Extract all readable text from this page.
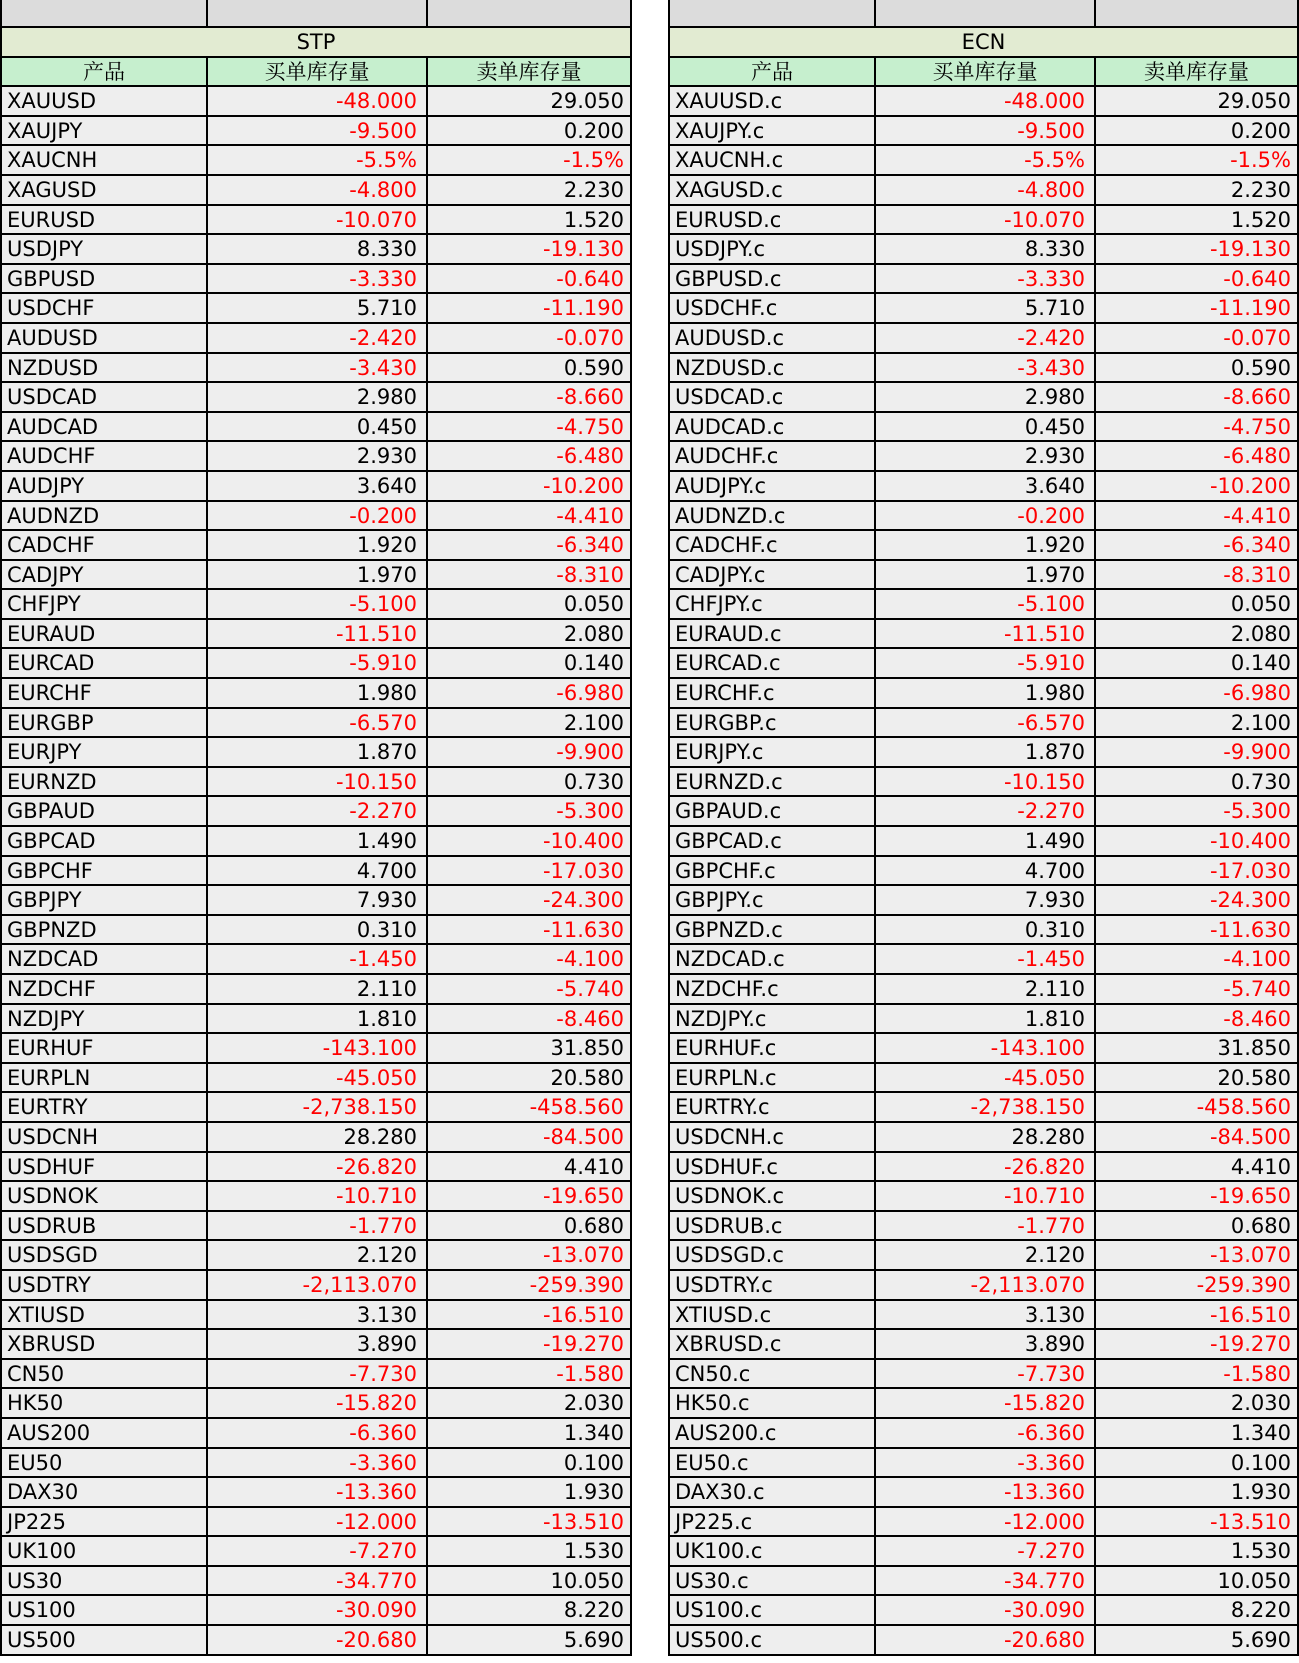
STP
产品	买单库存量	卖单库存量
XAUUSD	-48.000	29.050
XAUJPY	-9.500	0.200
XAUCNH	-5.5%	-1.5%
XAGUSD	-4.800	2.230
EURUSD	-10.070	1.520
USDJPY	8.330	-19.130
GBPUSD	-3.330	-0.640
USDCHF	5.710	-11.190
AUDUSD	-2.420	-0.070
NZDUSD	-3.430	0.590
USDCAD	2.980	-8.660
AUDCAD	0.450	-4.750
AUDCHF	2.930	-6.480
AUDJPY	3.640	-10.200
AUDNZD	-0.200	-4.410
CADCHF	1.920	-6.340
CADJPY	1.970	-8.310
CHFJPY	-5.100	0.050
EURAUD	-11.510	2.080
EURCAD	-5.910	0.140
EURCHF	1.980	-6.980
EURGBP	-6.570	2.100
EURJPY	1.870	-9.900
EURNZD	-10.150	0.730
GBPAUD	-2.270	-5.300
GBPCAD	1.490	-10.400
GBPCHF	4.700	-17.030
GBPJPY	7.930	-24.300
GBPNZD	0.310	-11.630
NZDCAD	-1.450	-4.100
NZDCHF	2.110	-5.740
NZDJPY	1.810	-8.460
EURHUF	-143.100	31.850
EURPLN	-45.050	20.580
EURTRY	-2,738.150	-458.560
USDCNH	28.280	-84.500
USDHUF	-26.820	4.410
USDNOK	-10.710	-19.650
USDRUB	-1.770	0.680
USDSGD	2.120	-13.070
USDTRY	-2,113.070	-259.390
XTIUSD	3.130	-16.510
XBRUSD	3.890	-19.270
CN50	-7.730	-1.580
HK50	-15.820	2.030
AUS200	-6.360	1.340
EU50	-3.360	0.100
DAX30	-13.360	1.930
JP225	-12.000	-13.510
UK100	-7.270	1.530
US30	-34.770	10.050
US100	-30.090	8.220
US500	-20.680	5.690
ECN
产品	买单库存量	卖单库存量
XAUUSD.c	-48.000	29.050
XAUJPY.c	-9.500	0.200
XAUCNH.c	-5.5%	-1.5%
XAGUSD.c	-4.800	2.230
EURUSD.c	-10.070	1.520
USDJPY.c	8.330	-19.130
GBPUSD.c	-3.330	-0.640
USDCHF.c	5.710	-11.190
AUDUSD.c	-2.420	-0.070
NZDUSD.c	-3.430	0.590
USDCAD.c	2.980	-8.660
AUDCAD.c	0.450	-4.750
AUDCHF.c	2.930	-6.480
AUDJPY.c	3.640	-10.200
AUDNZD.c	-0.200	-4.410
CADCHF.c	1.920	-6.340
CADJPY.c	1.970	-8.310
CHFJPY.c	-5.100	0.050
EURAUD.c	-11.510	2.080
EURCAD.c	-5.910	0.140
EURCHF.c	1.980	-6.980
EURGBP.c	-6.570	2.100
EURJPY.c	1.870	-9.900
EURNZD.c	-10.150	0.730
GBPAUD.c	-2.270	-5.300
GBPCAD.c	1.490	-10.400
GBPCHF.c	4.700	-17.030
GBPJPY.c	7.930	-24.300
GBPNZD.c	0.310	-11.630
NZDCAD.c	-1.450	-4.100
NZDCHF.c	2.110	-5.740
NZDJPY.c	1.810	-8.460
EURHUF.c	-143.100	31.850
EURPLN.c	-45.050	20.580
EURTRY.c	-2,738.150	-458.560
USDCNH.c	28.280	-84.500
USDHUF.c	-26.820	4.410
USDNOK.c	-10.710	-19.650
USDRUB.c	-1.770	0.680
USDSGD.c	2.120	-13.070
USDTRY.c	-2,113.070	-259.390
XTIUSD.c	3.130	-16.510
XBRUSD.c	3.890	-19.270
CN50.c	-7.730	-1.580
HK50.c	-15.820	2.030
AUS200.c	-6.360	1.340
EU50.c	-3.360	0.100
DAX30.c	-13.360	1.930
JP225.c	-12.000	-13.510
UK100.c	-7.270	1.530
US30.c	-34.770	10.050
US100.c	-30.090	8.220
US500.c	-20.680	5.690
